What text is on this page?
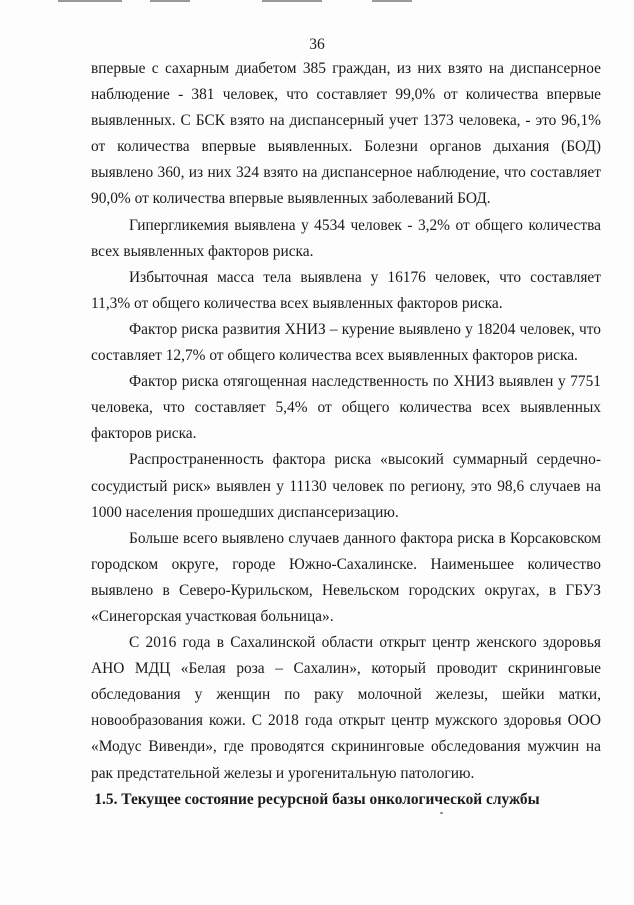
36

впервые с сахарным диабетом 385 граждан, из них взято на диспансерное наблюдение - 381 человек, что составляет 99,0% от количества впервые выявленных. С БСК взято на диспансерный учет 1373 человека, - это 96,1% от количества впервые выявленных. Болезни органов дыхания (БОД) выявлено 360, из них 324 взято на диспансерное наблюдение, что составляет 90,0% от количества впервые выявленных заболеваний БОД.

Гипергликемия выявлена у 4534 человек - 3,2% от общего количества всех выявленных факторов риска.

Избыточная масса тела выявлена у 16176 человек, что составляет 11,3% от общего количества всех выявленных факторов риска.

Фактор риска развития ХНИЗ – курение выявлено у 18204 человек, что составляет 12,7% от общего количества всех выявленных факторов риска.

Фактор риска отягощенная наследственность по ХНИЗ выявлен у 7751 человека, что составляет 5,4% от общего количества всех выявленных факторов риска.

Распространенность фактора риска «высокий суммарный сердечно-сосудистый риск» выявлен у 11130 человек по региону, это 98,6 случаев на 1000 населения прошедших диспансеризацию.

Больше всего выявлено случаев данного фактора риска в Корсаковском городском округе, городе Южно-Сахалинске. Наименьшее количество выявлено в Северо-Курильском, Невельском городских округах, в ГБУЗ «Синегорская участковая больница».

С 2016 года в Сахалинской области открыт центр женского здоровья АНО МДЦ «Белая роза – Сахалин», который проводит скрининговые обследования у женщин по раку молочной железы, шейки матки, новообразования кожи. С 2018 года открыт центр мужского здоровья ООО «Модус Вивенди», где проводятся скрининговые обследования мужчин на рак предстательной железы и урогенитальную патологию.

1.5. Текущее состояние ресурсной базы онкологической службы
